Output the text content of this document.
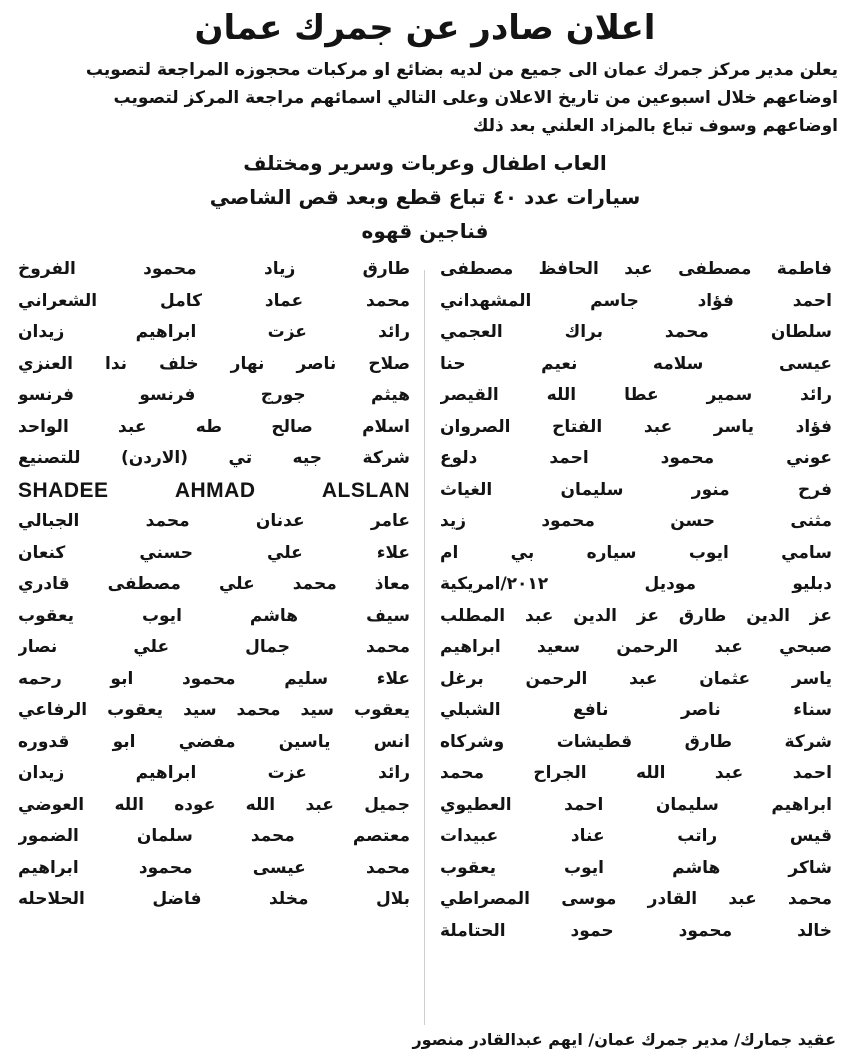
اعلان صادر عن جمرك عمان
يعلن مدير مركز جمرك عمان الى جميع من لديه بضائع او مركبات محجوزه المراجعة لتصويب
اوضاعهم خلال اسبوعين من تاريخ الاعلان وعلى التالي اسمائهم مراجعة المركز لتصويب
اوضاعهم وسوف تباع بالمزاد العلني بعد ذلك
العاب اطفال وعربات وسرير ومختلف
سيارات عدد ٤٠ تباع قطع وبعد قص الشاصي
فناجين قهوه
فاطمة مصطفى عبد الحافظ مصطفى
احمد فؤاد جاسم المشهداني
سلطان محمد براك العجمي
عيسى سلامه نعيم حنا
رائد سمير عطا الله القيصر
فؤاد ياسر عبد الفتاح الصروان
عوني محمود احمد دلوع
فرح منور سليمان الغياث
مثنى حسن محمود زيد
سامي ايوب سياره بي ام
دبليو موديل ٢٠١٢/امريكية
عز الدين طارق عز الدين عبد المطلب
صبحي عبد الرحمن سعيد ابراهيم
ياسر عثمان عبد الرحمن برغل
سناء ناصر نافع الشبلي
شركة طارق قطيشات وشركاه
احمد عبد الله الجراح محمد
ابراهيم سليمان احمد العطيوي
قيس راتب عناد عبيدات
شاكر هاشم ايوب يعقوب
محمد عبد القادر موسى المصراطي
خالد محمود حمود الحتاملة
طارق زياد محمود الفروخ
محمد عماد كامل الشعراني
رائد عزت ابراهيم زيدان
صلاح ناصر نهار خلف ندا العنزي
هيثم جورج فرنسو فرنسو
اسلام صالح طه عبد الواحد
شركة جيه تي (الاردن) للتصنيع
SHADEE AHMAD ALSLAN
عامر عدنان محمد الجبالي
علاء علي حسني كنعان
معاذ محمد علي مصطفى قادري
سيف هاشم ايوب يعقوب
محمد جمال علي نصار
علاء سليم محمود ابو رحمه
يعقوب سيد محمد سيد يعقوب الرفاعي
انس ياسين مفضي ابو قدوره
رائد عزت ابراهيم زيدان
جميل عبد الله عوده الله العوضي
معتصم محمد سلمان الضمور
محمد عيسى محمود ابراهيم
بلال مخلد فاضل الحلاحله
عقيد جمارك/ مدير جمرك عمان/ ايهم عبدالقادر منصور
